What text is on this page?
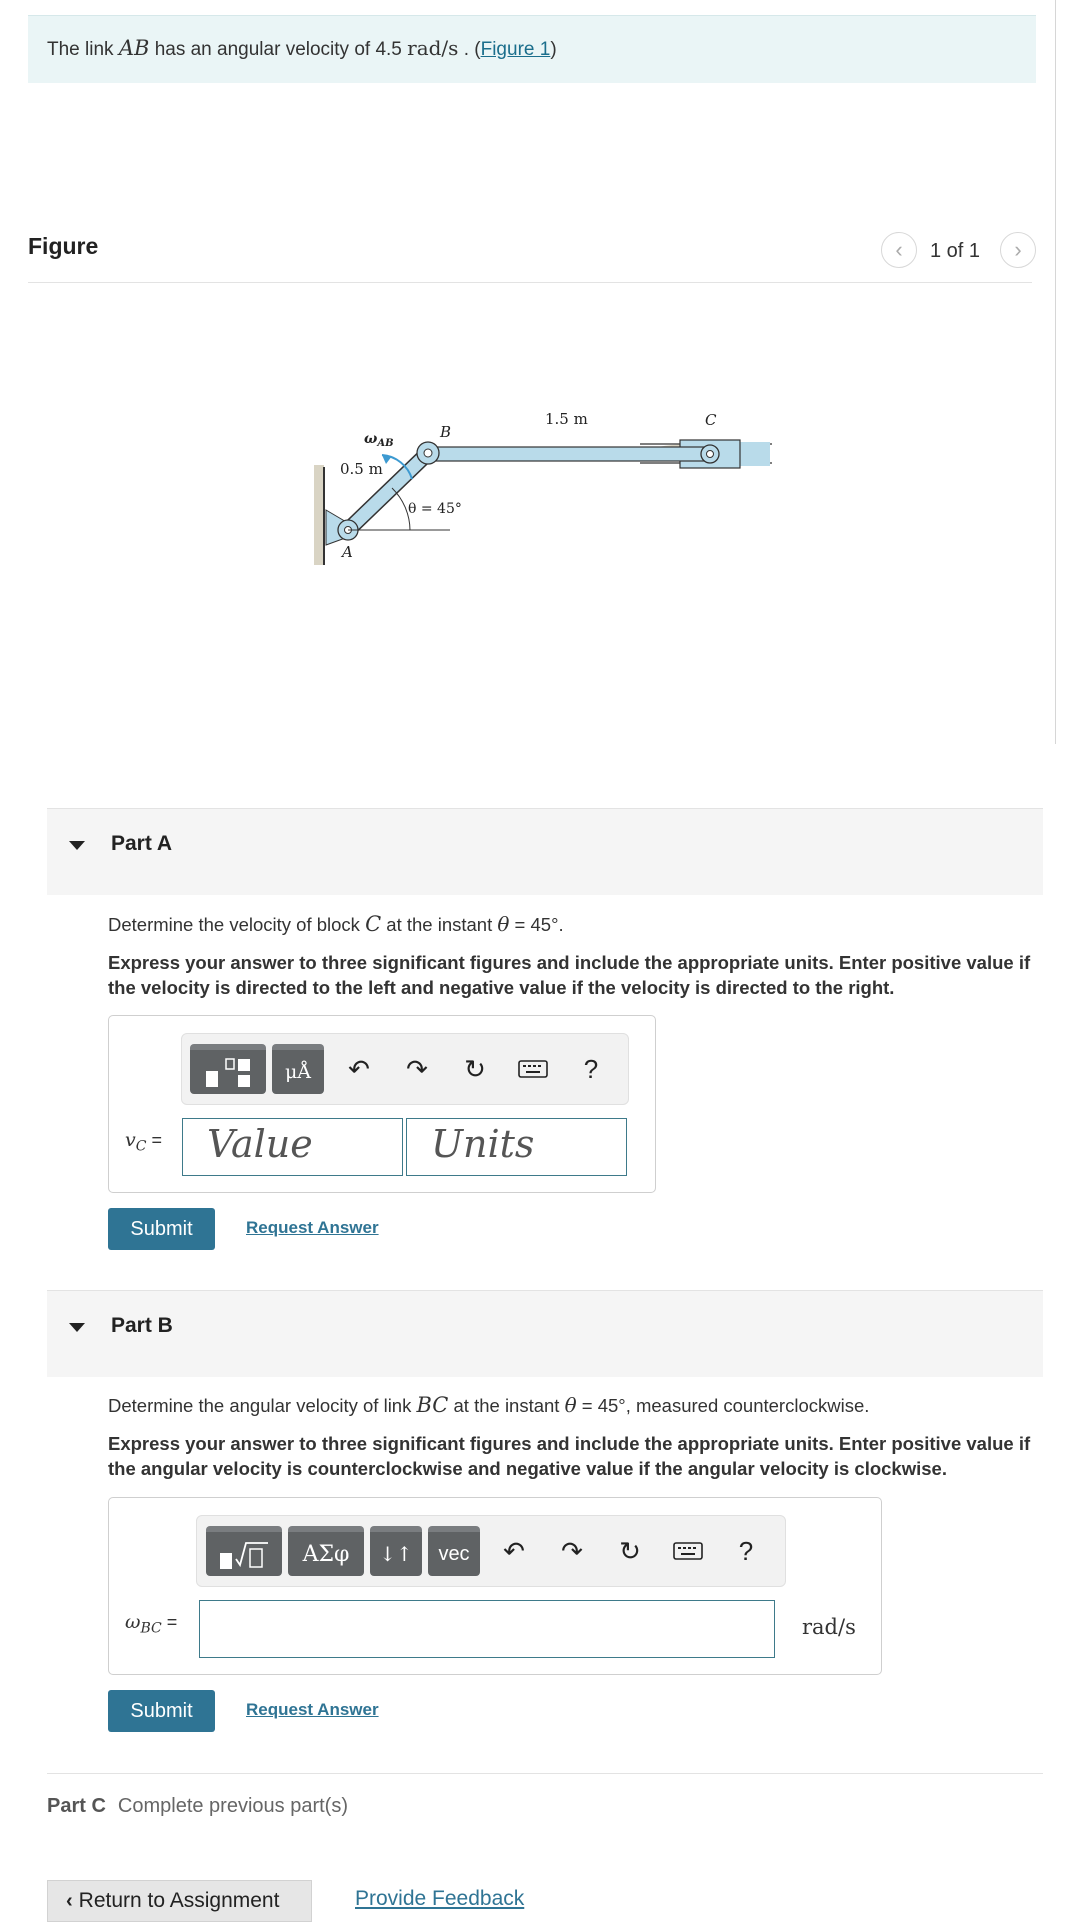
The link AB has an angular velocity of 4.5 rad/s . (Figure 1)
Figure	‹ 1 of 1 ›
$\omega_{AB}$
0.5 m
B
1.5 m	C
θ = 45°
A
Part A
Determine the velocity of block C at the instant θ = 45°.
Express your answer to three significant figures and include the appropriate units. Enter positive value if the velocity is directed to the left and negative value if the velocity is directed to the right.
μÅ	↶ ↷ ↻	?
$v_C$ = Value	Units
Submit	Request Answer
Part B
Determine the angular velocity of link BC at the instant θ = 45°, measured counterclockwise.
Express your answer to three significant figures and include the appropriate units. Enter positive value if the angular velocity is counterclockwise and negative value if the angular velocity is clockwise.
ΑΣφ	↓↑	vec	↶ ↷ ↻	?
$\omega_{BC}$ =	rad/s
Submit	Request Answer
Part C Complete previous part(s)
‹ Return to Assignment	Provide Feedback
